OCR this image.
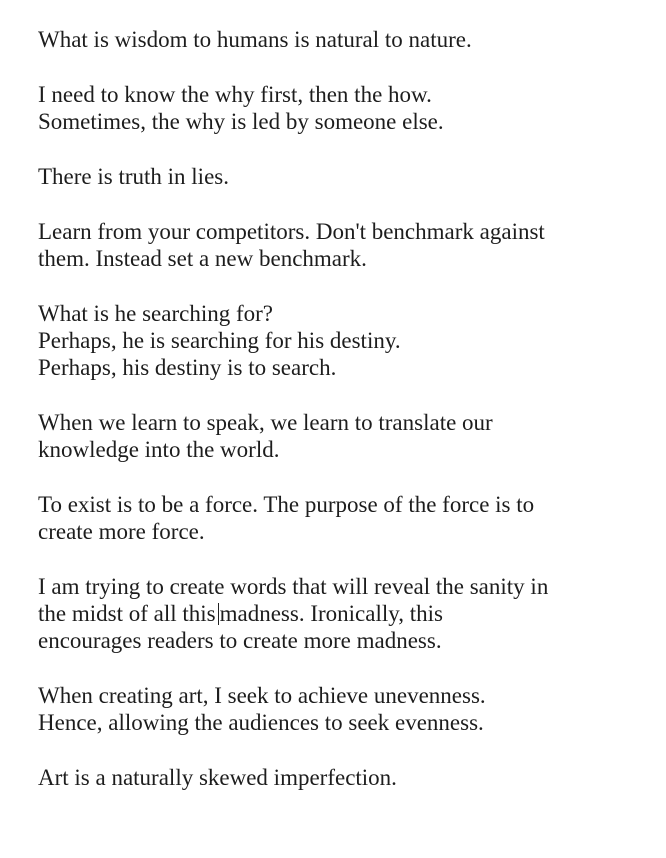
What is wisdom to humans is natural to nature.

I need to know the why first, then the how.
Sometimes, the why is led by someone else.

There is truth in lies.

Learn from your competitors. Don't benchmark against
them. Instead set a new benchmark.

What is he searching for?
Perhaps, he is searching for his destiny.
Perhaps, his destiny is to search.

When we learn to speak, we learn to translate our
knowledge into the world.

To exist is to be a force. The purpose of the force is to
create more force.

I am trying to create words that will reveal the sanity in
the midst of all this madness. Ironically, this
encourages readers to create more madness.

When creating art, I seek to achieve unevenness.
Hence, allowing the audiences to seek evenness.

Art is a naturally skewed imperfection.
